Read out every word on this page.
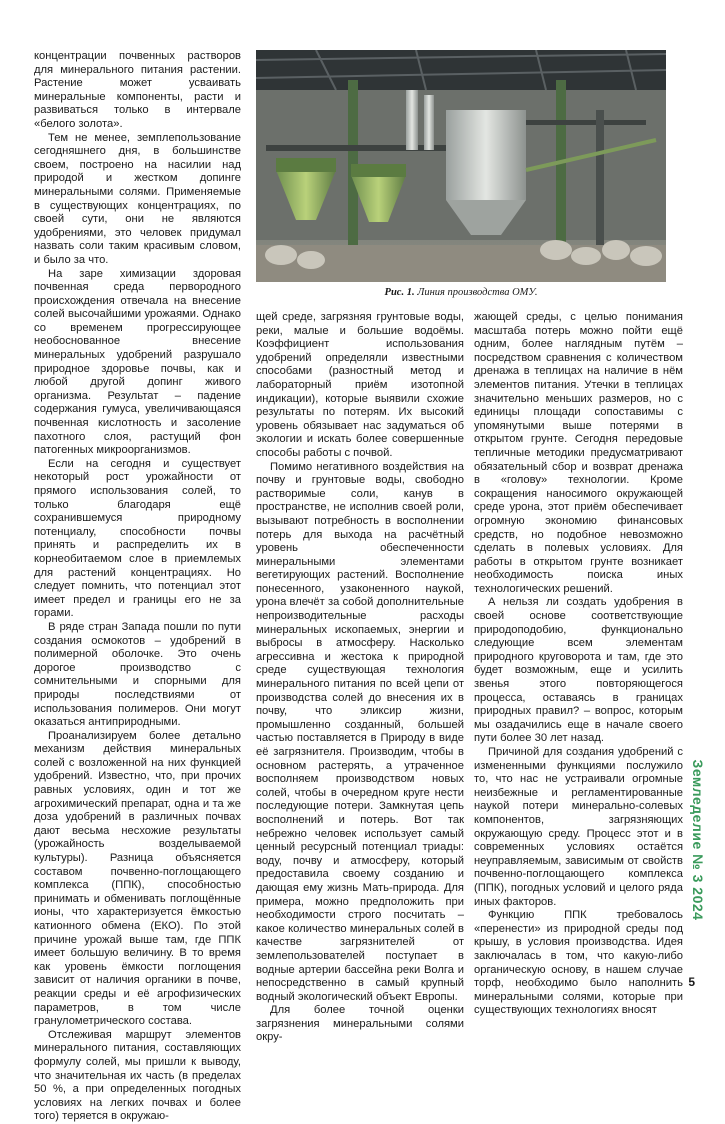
концентрации почвенных растворов для минерального питания растении. Растение может усваивать минеральные компоненты, расти и развиваться только в интервале «белого золота».

Тем не менее, земплепользование сегодняшнего дня, в большинстве своем, построено на насилии над природой и жестком допинге минеральными солями. Применяемые в существующих концентрациях, по своей сути, они не являются удобрениями, это человек придумал назвать соли таким красивым словом, и было за что.

На заре химизации здоровая почвенная среда первородного происхождения отвечала на внесение солей высочайшими урожаями. Однако со временем прогрессирующее необоснованное внесение минеральных удобрений разрушало природное здоровье почвы, как и любой другой допинг живого организма. Результат – падение содержания гумуса, увеличивающаяся почвенная кислотность и засоление пахотного слоя, растущий фон патогенных микроорганизмов.

Если на сегодня и существует некоторый рост урожайности от прямого использования солей, то только благодаря ещё сохранившемуся природному потенциалу, способности почвы принять и распределить их в корнеобитаемом слое в приемлемых для растений концентрациях. Но следует помнить, что потенциал этот имеет предел и границы его не за горами.

В ряде стран Запада пошли по пути создания осмокотов – удобрений в полимерной оболочке. Это очень дорогое производство с сомнительными и спорными для природы последствиями от использования полимеров. Они могут оказаться антиприродными.

Проанализируем более детально механизм действия минеральных солей с возложенной на них функцией удобрений. Известно, что, при прочих равных условиях, один и тот же агрохимический препарат, одна и та же доза удобрений в различных почвах дают весьма несхожие результаты (урожайность возделываемой культуры). Разница объясняется составом почвенно-поглощающего комплекса (ППК), способностью принимать и обменивать поглощённые ионы, что характеризуется ёмкостью катионного обмена (ЕКО). По этой причине урожай выше там, где ППК имеет большую величину. В то время как уровень ёмкости поглощения зависит от наличия органики в почве, реакции среды и её агрофизических параметров, в том числе гранулометрического состава.

Отслеживая маршрут элементов минерального питания, составляющих формулу солей, мы пришли к выводу, что значительная их часть (в пределах 50 %, а при определенных погодных условиях на легких почвах и более того) теряется в окружаю-

Рис. 1. Линия производства ОМУ.

щей среде, загрязняя грунтовые воды, реки, малые и большие водоёмы. Коэффициент использования удобрений определяли известными способами (разностный метод и лабораторный приём изотопной индикации), которые выявили схожие результаты по потерям. Их высокий уровень обязывает нас задуматься об экологии и искать более совершенные способы работы с почвой.

Помимо негативного воздействия на почву и грунтовые воды, свободно растворимые соли, канув в пространстве, не исполнив своей роли, вызывают потребность в восполнении потерь для выхода на расчётный уровень обеспеченности минеральными элементами вегетирующих растений. Восполнение понесенного, узаконенного наукой, урона влечёт за собой дополнительные непроизводительные расходы минеральных ископаемых, энергии и выбросы в атмосферу. Насколько агрессивна и жестока к природной среде существующая технология минерального питания по всей цепи от производства солей до внесения их в почву, что эликсир жизни, промышленно созданный, большей частью поставляется в Природу в виде её загрязнителя. Производим, чтобы в основном растерять, а утраченное восполняем производством новых солей, чтобы в очередном круге нести последующие потери. Замкнутая цепь восполнений и потерь. Вот так небрежно человек использует самый ценный ресурсный потенциал триады: воду, почву и атмосферу, который предоставила своему созданию и дающая ему жизнь Мать-природа. Для примера, можно предположить при необходимости строго посчитать – какое количество минеральных солей в качестве загрязнителей от землепользователей поступает в водные артерии бассейна реки Волга и непосредственно в самый крупный водный экологический объект Европы.

Для более точной оценки загрязнения минеральными солями окру-

жающей среды, с целью понимания масштаба потерь можно пойти ещё одним, более наглядным путём – посредством сравнения с количеством дренажа в теплицах на наличие в нём элементов питания. Утечки в теплицах значительно меньших размеров, но с единицы площади сопоставимы с упомянутыми выше потерями в открытом грунте. Сегодня передовые тепличные методики предусматривают обязательный сбор и возврат дренажа в «голову» технологии. Кроме сокращения наносимого окружающей среде урона, этот приём обеспечивает огромную экономию финансовых средств, но подобное невозможно сделать в полевых условиях. Для работы в открытом грунте возникает необходимость поиска иных технологических решений.

А нельзя ли создать удобрения в своей основе соответствующие природоподобию, функционально следующие всем элементам природного круговорота и там, где это будет возможным, еще и усилить звенья этого повторяющегося процесса, оставаясь в границах природных правил? – вопрос, которым мы озадачились еще в начале своего пути более 30 лет назад.

Причиной для создания удобрений с измененными функциями послужило то, что нас не устраивали огромные неизбежные и регламентированные наукой потери минерально-солевых компонентов, загрязняющих окружающую среду. Процесс этот и в современных условиях остаётся неуправляемым, зависимым от свойств почвенно-поглощающего комплекса (ППК), погодных условий и целого ряда иных факторов.

Функцию ППК требовалось «перенести» из природной среды под крышу, в условия производства. Идея заключалась в том, что какую-либо органическую основу, в нашем случае торф, необходимо было наполнить минеральными солями, которые при существующих технологиях вносят

Земледелие № 3 2024
5
